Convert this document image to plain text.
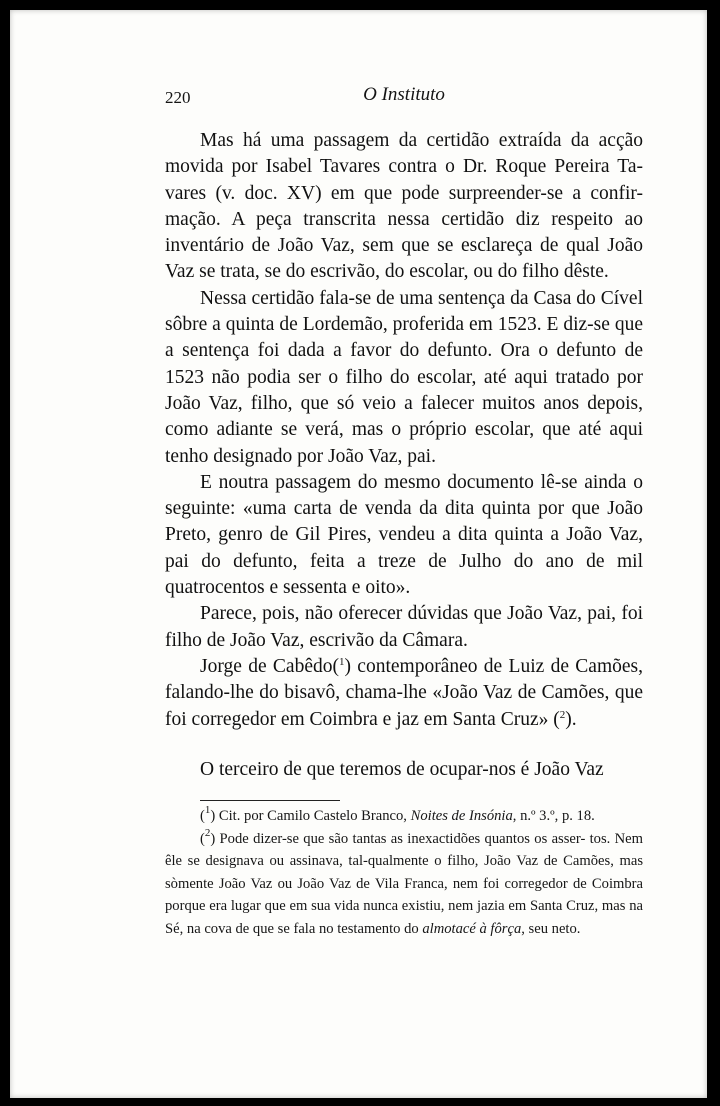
220	O Instituto

Mas há uma passagem da certidão extraída da acção movida por Isabel Tavares contra o Dr. Roque Pereira Ta- vares (v. doc. XV) em que pode surpreender-se a confir- mação. A peça transcrita nessa certidão diz respeito ao inventário de João Vaz, sem que se esclareça de qual João Vaz se trata, se do escrivão, do escolar, ou do filho dêste.

Nessa certidão fala-se de uma sentença da Casa do Cível sôbre a quinta de Lordemão, proferida em 1523. E diz-se que a sentença foi dada a favor do defunto. Ora o defunto de 1523 não podia ser o filho do escolar, até aqui tratado por João Vaz, filho, que só veio a falecer muitos anos depois, como adiante se verá, mas o próprio escolar, que até aqui tenho designado por João Vaz, pai.

E noutra passagem do mesmo documento lê-se ainda o seguinte: «uma carta de venda da dita quinta por que João Preto, genro de Gil Pires, vendeu a dita quinta a João Vaz, pai do defunto, feita a treze de Julho do ano de mil quatrocentos e sessenta e oito».

Parece, pois, não oferecer dúvidas que João Vaz, pai, foi filho de João Vaz, escrivão da Câmara.

Jorge de Cabêdo($^1$) contemporâneo de Luiz de Camões, falando-lhe do bisavô, chama-lhe «João Vaz de Camões, que foi corregedor em Coimbra e jaz em Santa Cruz» ($^2$).

O terceiro de que teremos de ocupar-nos é João Vaz

($^1$) Cit. por Camilo Castelo Branco, Noites de Insónia, n.º 3.º, p. 18.

($^2$) Pode dizer-se que são tantas as inexactidões quantos os asser- tos. Nem êle se designava ou assinava, tal-qualmente o filho, João Vaz de Camões, mas sòmente João Vaz ou João Vaz de Vila Franca, nem foi corregedor de Coimbra porque era lugar que em sua vida nunca existiu, nem jazia em Santa Cruz, mas na Sé, na cova de que se fala no testamento do almotacé à fôrça, seu neto.
